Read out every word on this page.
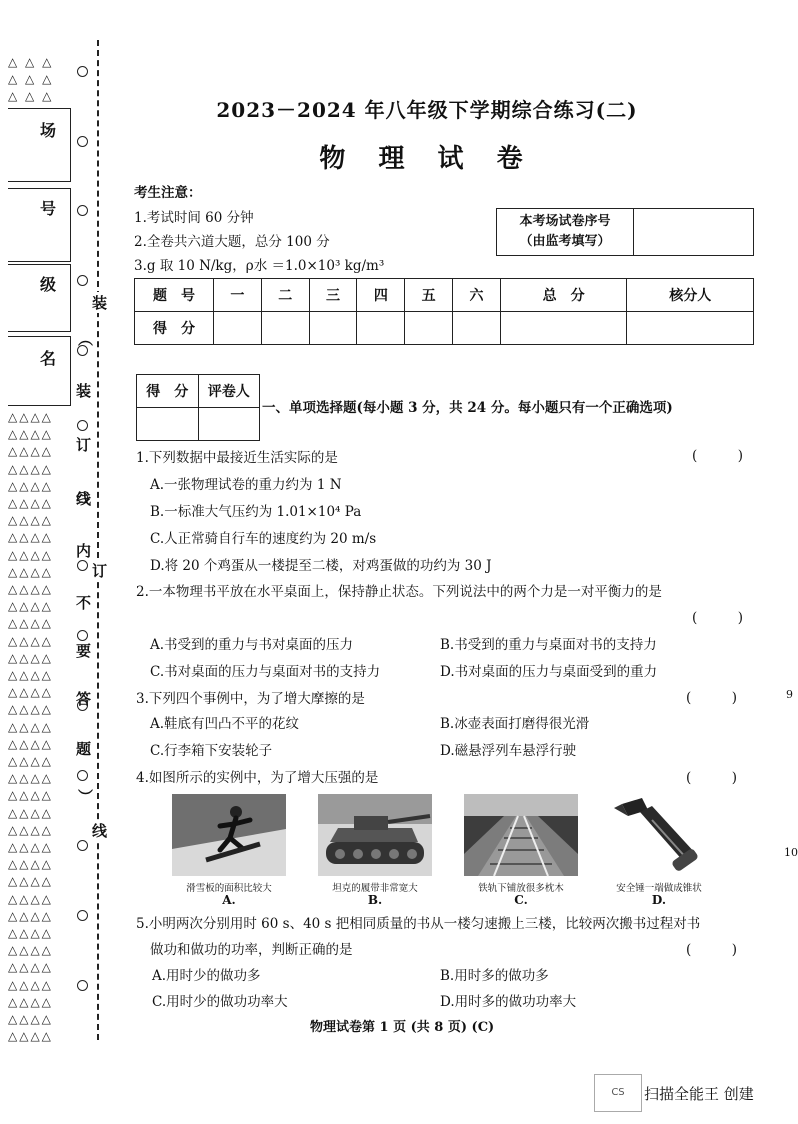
△ △ △
△ △ △
△ △ △
场
号
级
名
△△△△
△△△△
△△△△
△△△△
△△△△
△△△△
△△△△
△△△△
△△△△
△△△△
△△△△
△△△△
△△△△
△△△△
△△△△
△△△△
△△△△
△△△△
△△△△
△△△△
△△△△
△△△△
△△△△
△△△△
△△△△
△△△△
△△△△
△△△△
△△△△
△△△△
△△△△
△△△△
△△△△
△△△△
△△△△
△△△△
△△△△
装
︵
装
订
线
内
订
不
要
答
题
︶
线
2023－2024 年八年级下学期综合练习(二)
物 理 试 卷
考生注意：
1.考试时间 60 分钟
2.全卷共六道大题，总分 100 分
3.g 取 10 N/kg，ρ水 ＝1.0×10³ kg/m³
本考场试卷序号
（由监考填写）

题　号	一	二	三	四	五	六	总　分	核分人
得　分								
得　分	评卷人

一、单项选择题(每小题 3 分，共 24 分。每小题只有一个正确选项)
1.下列数据中最接近生活实际的是	(　　　)
A.一张物理试卷的重力约为 1 N
B.一标准大气压约为 1.01×10⁴ Pa
C.人正常骑自行车的速度约为 20 m/s
D.将 20 个鸡蛋从一楼提至二楼，对鸡蛋做的功约为 30 J
2.一本物理书平放在水平桌面上，保持静止状态。下列说法中的两个力是一对平衡力的是
(　　　)
A.书受到的重力与书对桌面的压力	B.书受到的重力与桌面对书的支持力
C.书对桌面的压力与桌面对书的支持力	D.书对桌面的压力与桌面受到的重力
3.下列四个事例中，为了增大摩擦的是	(　　　)
A.鞋底有凹凸不平的花纹	B.冰壶表面打磨得很光滑
C.行李箱下安装轮子	D.磁悬浮列车悬浮行驶
4.如图所示的实例中，为了增大压强的是	(　　　)
滑雪板的面积比较大	坦克的履带非常宽大	铁轨下铺放很多枕木	安全锤一端做成锥状
A.	B.	C.	D.
5.小明两次分别用时 60 s、40 s 把相同质量的书从一楼匀速搬上三楼，比较两次搬书过程对书
做功和做功的功率，判断正确的是	(　　　)
A.用时少的做功多	B.用时多的做功多
C.用时少的做功功率大	D.用时多的做功功率大
物理试卷第 1 页 (共 8 页) (C)
9
10
CS	扫描全能王 创建
